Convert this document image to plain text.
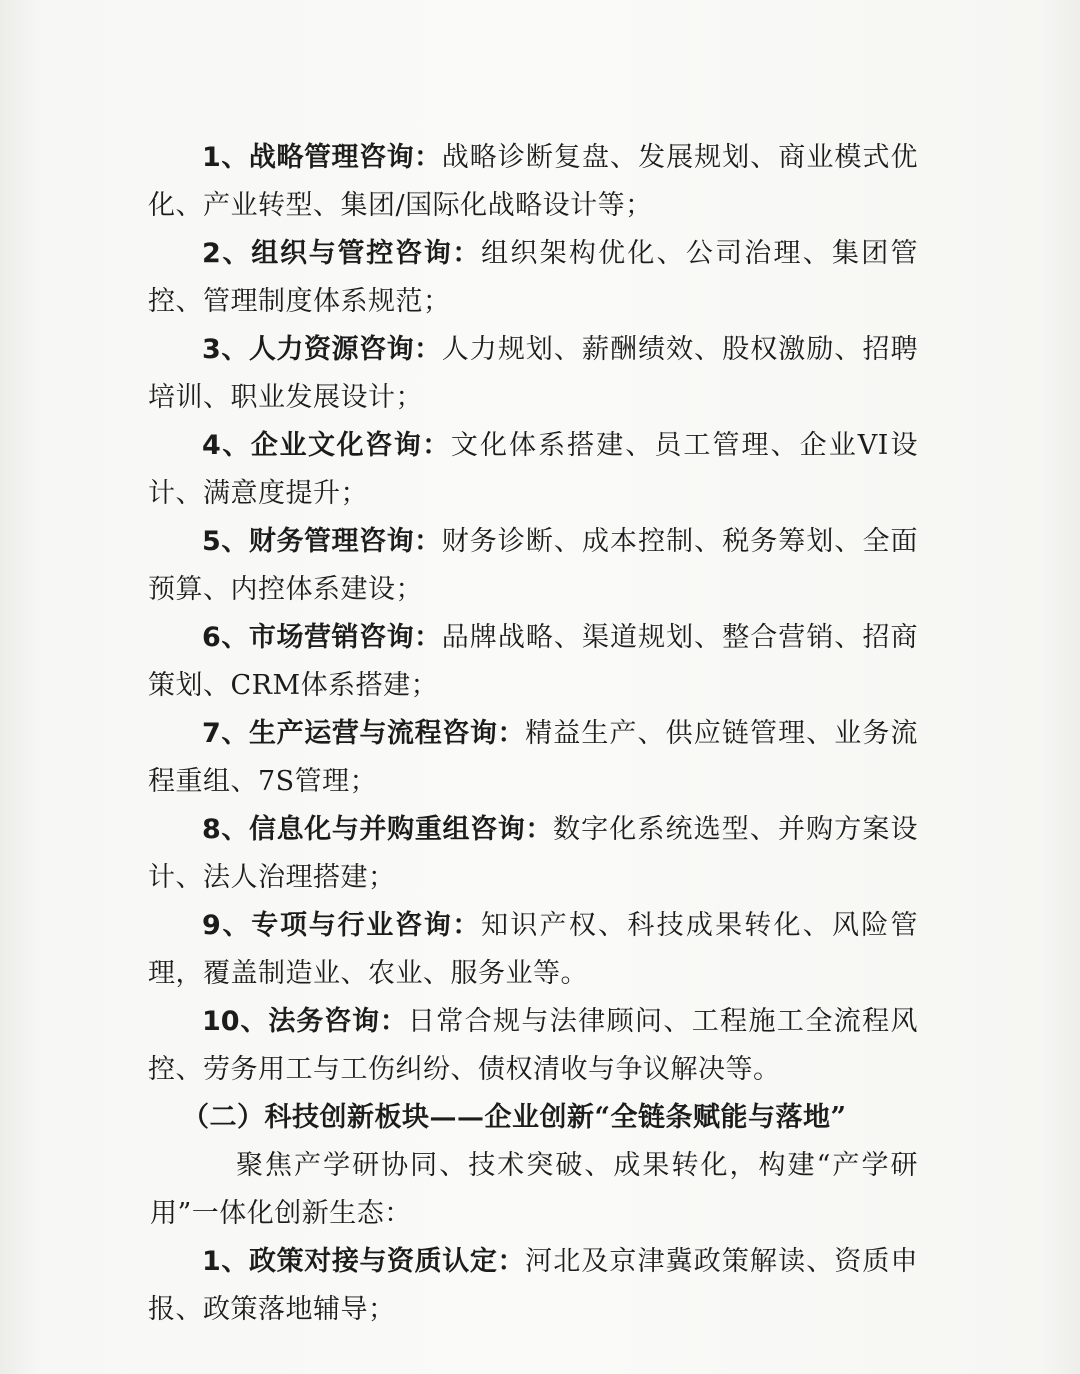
1、战略管理咨询：战略诊断复盘、发展规划、商业模式优化、产业转型、集团/国际化战略设计等；

2、组织与管控咨询：组织架构优化、公司治理、集团管控、管理制度体系规范；

3、人力资源咨询：人力规划、薪酬绩效、股权激励、招聘培训、职业发展设计；

4、企业文化咨询：文化体系搭建、员工管理、企业VI设计、满意度提升；

5、财务管理咨询：财务诊断、成本控制、税务筹划、全面预算、内控体系建设；

6、市场营销咨询：品牌战略、渠道规划、整合营销、招商策划、CRM体系搭建；

7、生产运营与流程咨询：精益生产、供应链管理、业务流程重组、7S管理；

8、信息化与并购重组咨询：数字化系统选型、并购方案设计、法人治理搭建；

9、专项与行业咨询：知识产权、科技成果转化、风险管理，覆盖制造业、农业、服务业等。

10、法务咨询：日常合规与法律顾问、工程施工全流程风控、劳务用工与工伤纠纷、债权清收与争议解决等。

（二）科技创新板块——企业创新“全链条赋能与落地”

聚焦产学研协同、技术突破、成果转化，构建“产学研用”一体化创新生态：

1、政策对接与资质认定：河北及京津冀政策解读、资质申报、政策落地辅导；
